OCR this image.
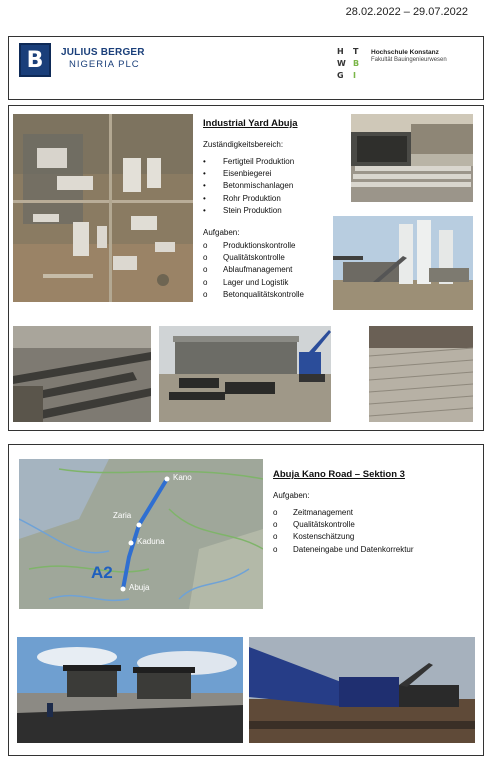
28.02.2022 – 29.07.2022
B JULIUS BERGER
NIGERIA PLC
H T
W
G
B
I
Hochschule Konstanz
Fakultät Bauingenieurwesen
Industrial Yard Abuja
Zuständigkeitsbereich:
• Fertigteil Produktion
• Eisenbiegerei
• Betonmischanlagen
• Rohr Produktion
• Stein Produktion
Aufgaben:
o Produktionskontrolle
o Qualitätskontrolle
o Ablaufmanagement
o Lager und Logistik
o Betonqualitätskontrolle
Kano
Zaria
Kaduna
Abuja
A2
Abuja Kano Road – Sektion 3
Aufgaben:
o Zeitmanagement
o Qualitätskontrolle
o Kostenschätzung
o Dateneingabe und Datenkorrektur
